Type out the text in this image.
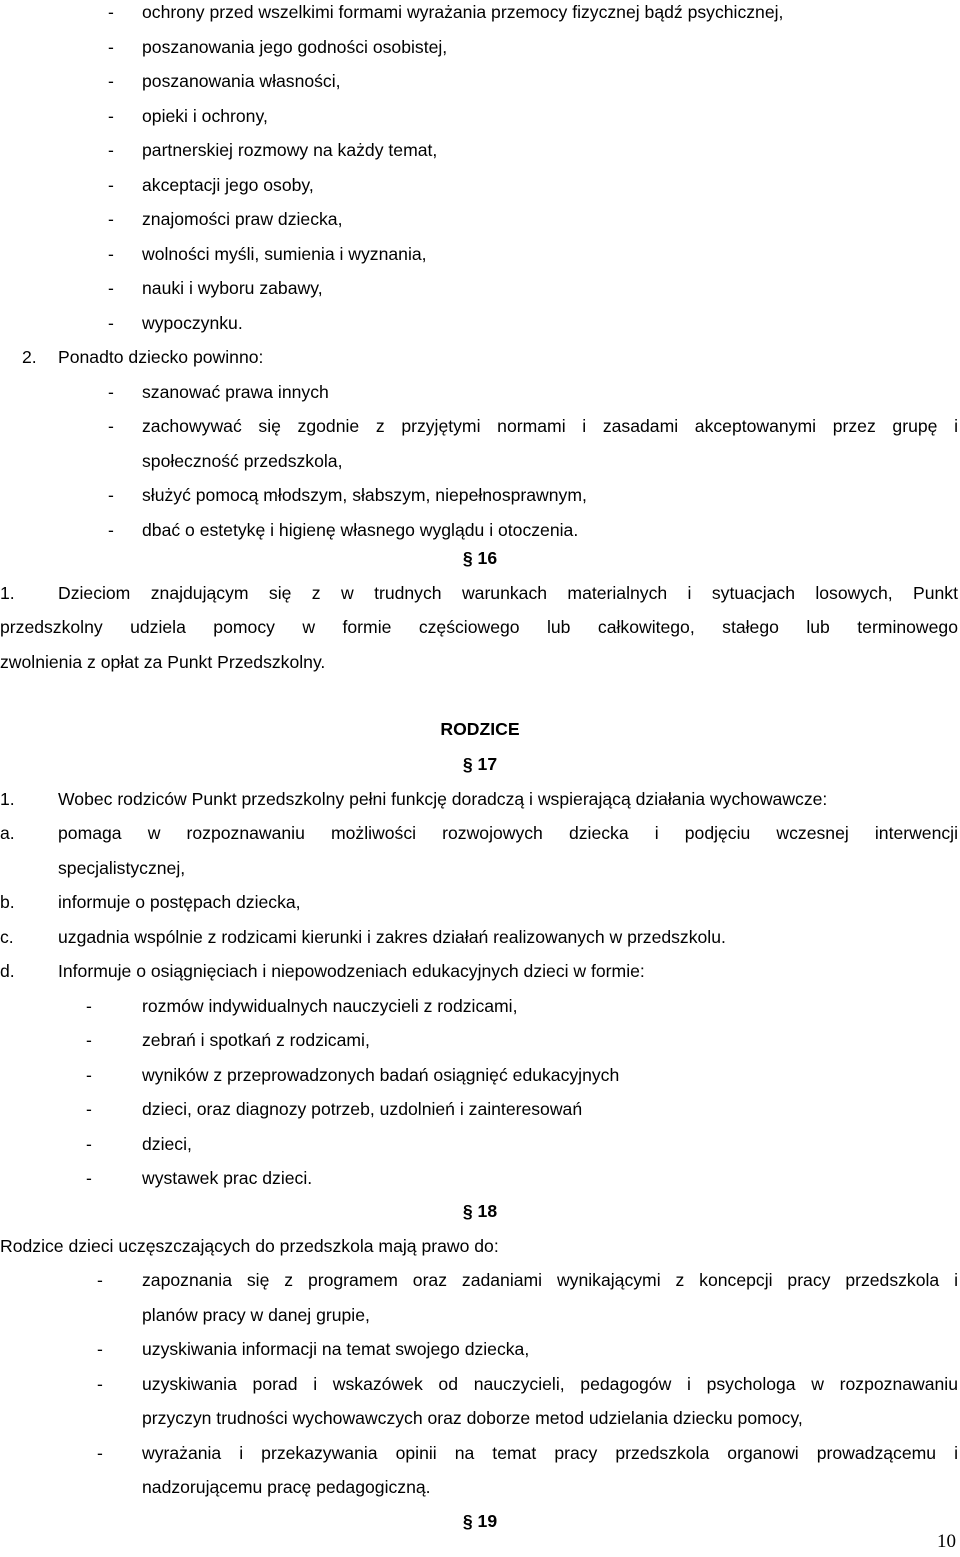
- ochrony przed wszelkimi formami wyrażania przemocy fizycznej bądź psychicznej,
- poszanowania jego godności osobistej,
- poszanowania własności,
- opieki i ochrony,
- partnerskiej rozmowy na każdy temat,
- akceptacji jego osoby,
- znajomości praw dziecka,
- wolności myśli, sumienia i wyznania,
- nauki i wyboru zabawy,
- wypoczynku.
2. Ponadto dziecko powinno:
- szanować prawa innych
- zachowywać się zgodnie z przyjętymi normami i zasadami akceptowanymi przez grupę i
społeczność przedszkola,
- służyć pomocą młodszym, słabszym, niepełnosprawnym,
- dbać o estetykę i higienę własnego wyglądu i otoczenia.
§ 16
1. Dzieciom znajdującym się z w trudnych warunkach materialnych i sytuacjach losowych, Punkt
przedszkolny udziela pomocy w formie częściowego lub całkowitego, stałego lub terminowego
zwolnienia z opłat za Punkt Przedszkolny.
RODZICE
§ 17
1. Wobec rodziców Punkt przedszkolny pełni funkcję doradczą i wspierającą działania wychowawcze:
a. pomaga w rozpoznawaniu możliwości rozwojowych dziecka i podjęciu wczesnej interwencji
specjalistycznej,
b. informuje o postępach dziecka,
c.	uzgadnia wspólnie z rodzicami kierunki i zakres działań realizowanych w przedszkolu.
d. Informuje o osiągnięciach i niepowodzeniach edukacyjnych dzieci w formie:
-	rozmów indywidualnych nauczycieli z rodzicami,
-	zebrań i spotkań z rodzicami,
-	wyników z przeprowadzonych badań osiągnięć edukacyjnych
-	dzieci, oraz diagnozy potrzeb, uzdolnień i zainteresowań
-	dzieci,
-	wystawek prac dzieci.
§ 18
Rodzice dzieci uczęszczających do przedszkola mają prawo do:
- zapoznania się z programem oraz zadaniami wynikającymi z koncepcji pracy przedszkola i
planów pracy w danej grupie,
- uzyskiwania informacji na temat swojego dziecka,
- uzyskiwania porad i wskazówek od nauczycieli, pedagogów i psychologa w rozpoznawaniu
przyczyn trudności wychowawczych oraz doborze metod udzielania dziecku pomocy,
- wyrażania i przekazywania opinii na temat pracy przedszkola organowi prowadzącemu i
nadzorującemu pracę pedagogiczną.
§ 19
10
